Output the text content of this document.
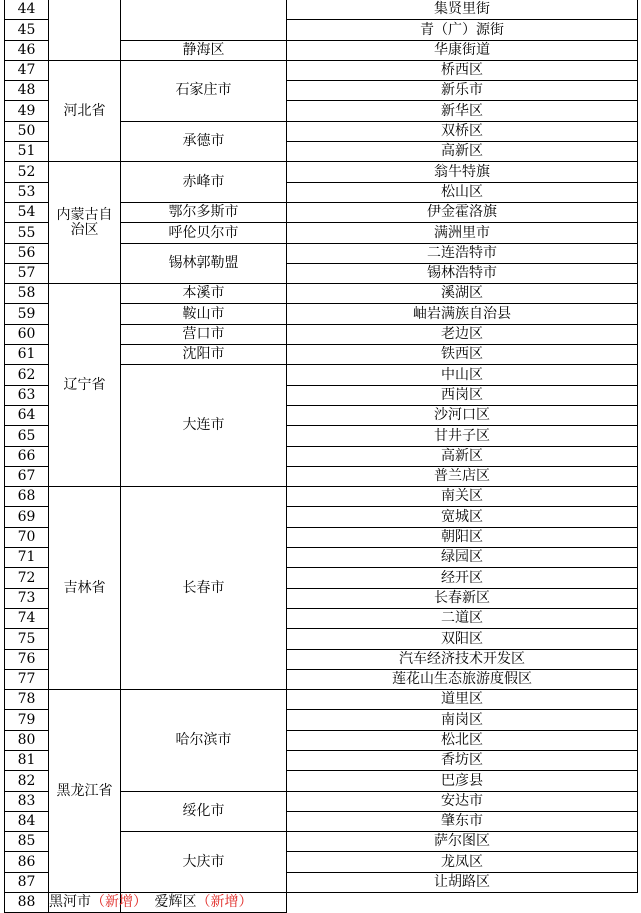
44			集贤里街
45			青（广）源街
46		静海区	华康街道
47	河北省	石家庄市	桥西区
48			新乐市
49			新华区
50		承德市	双桥区
51			高新区
52	内蒙古自治区	赤峰市	翁牛特旗
53			松山区
54		鄂尔多斯市	伊金霍洛旗
55		呼伦贝尔市	满洲里市
56		锡林郭勒盟	二连浩特市
57			锡林浩特市
58	辽宁省	本溪市	溪湖区
59		鞍山市	岫岩满族自治县
60		营口市	老边区
61		沈阳市	铁西区
62		大连市	中山区
63			西岗区
64			沙河口区
65			甘井子区
66			高新区
67			普兰店区
68	吉林省	长春市	南关区
69			宽城区
70			朝阳区
71			绿园区
72			经开区
73			长春新区
74			二道区
75			双阳区
76			汽车经济技术开发区
77			莲花山生态旅游度假区
78	黑龙江省	哈尔滨市	道里区
79			南岗区
80			松北区
81			香坊区
82			巴彦县
83		绥化市	安达市
84			肇东市
85		大庆市	萨尔图区
86			龙凤区
87			让胡路区
88	黑河市（新增）	爱辉区（新增）	
